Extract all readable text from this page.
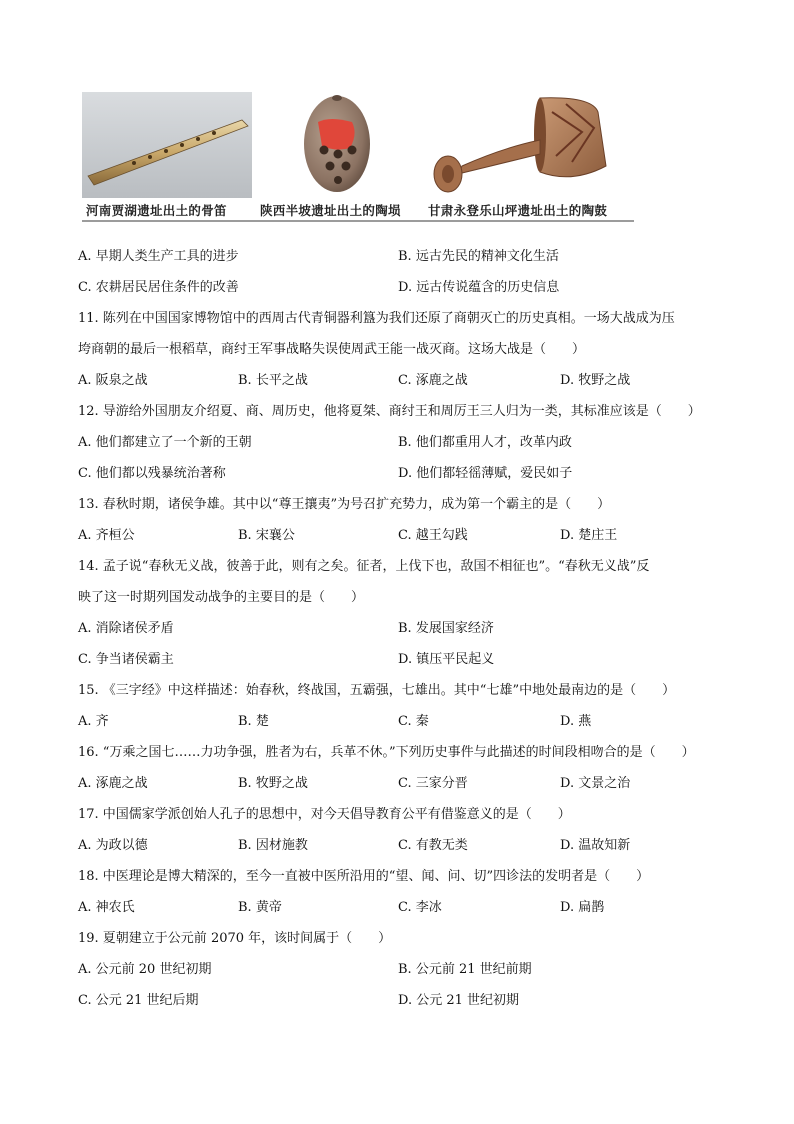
河南贾湖遗址出土的骨笛	陕西半坡遗址出土的陶埙 甘肃永登乐山坪遗址出土的陶鼓
A. 早期人类生产工具的进步	B. 远古先民的精神文化生活
C. 农耕居民居住条件的改善	D. 远古传说蕴含的历史信息
11. 陈列在中国国家博物馆中的西周古代青铜器利簋为我们还原了商朝灭亡的历史真相。一场大战成为压
垮商朝的最后一根稻草，商纣王军事战略失误使周武王能一战灭商。这场大战是（　　）
A. 阪泉之战	B. 长平之战	C. 涿鹿之战	D. 牧野之战
12. 导游给外国朋友介绍夏、商、周历史，他将夏桀、商纣王和周厉王三人归为一类，其标准应该是（　　）
A. 他们都建立了一个新的王朝	B. 他们都重用人才，改革内政
C. 他们都以残暴统治著称	D. 他们都轻徭薄赋，爱民如子
13. 春秋时期，诸侯争雄。其中以“尊王攘夷”为号召扩充势力，成为第一个霸主的是（　　）
A. 齐桓公	B. 宋襄公	C. 越王勾践	D. 楚庄王
14. 孟子说“春秋无义战，彼善于此，则有之矣。征者，上伐下也，敌国不相征也”。“春秋无义战”反
映了这一时期列国发动战争的主要目的是（　　）
A. 消除诸侯矛盾	B. 发展国家经济
C. 争当诸侯霸主	D. 镇压平民起义
15. 《三字经》中这样描述：始春秋，终战国，五霸强，七雄出。其中“七雄”中地处最南边的是（　　）
A. 齐	B. 楚	C. 秦	D. 燕
16. “万乘之国七……力功争强，胜者为右，兵革不休。”下列历史事件与此描述的时间段相吻合的是（　　）
A. 涿鹿之战	B. 牧野之战	C. 三家分晋	D. 文景之治
17. 中国儒家学派创始人孔子的思想中，对今天倡导教育公平有借鉴意义的是（　　）
A. 为政以德	B. 因材施教	C. 有教无类	D. 温故知新
18. 中医理论是博大精深的，至今一直被中医所沿用的“望、闻、问、切”四诊法的发明者是（　　）
A. 神农氏	B. 黄帝	C. 李冰	D. 扁鹊
19. 夏朝建立于公元前 2070 年，该时间属于（　　）
A. 公元前 20 世纪初期	B. 公元前 21 世纪前期
C. 公元 21 世纪后期	D. 公元 21 世纪初期
